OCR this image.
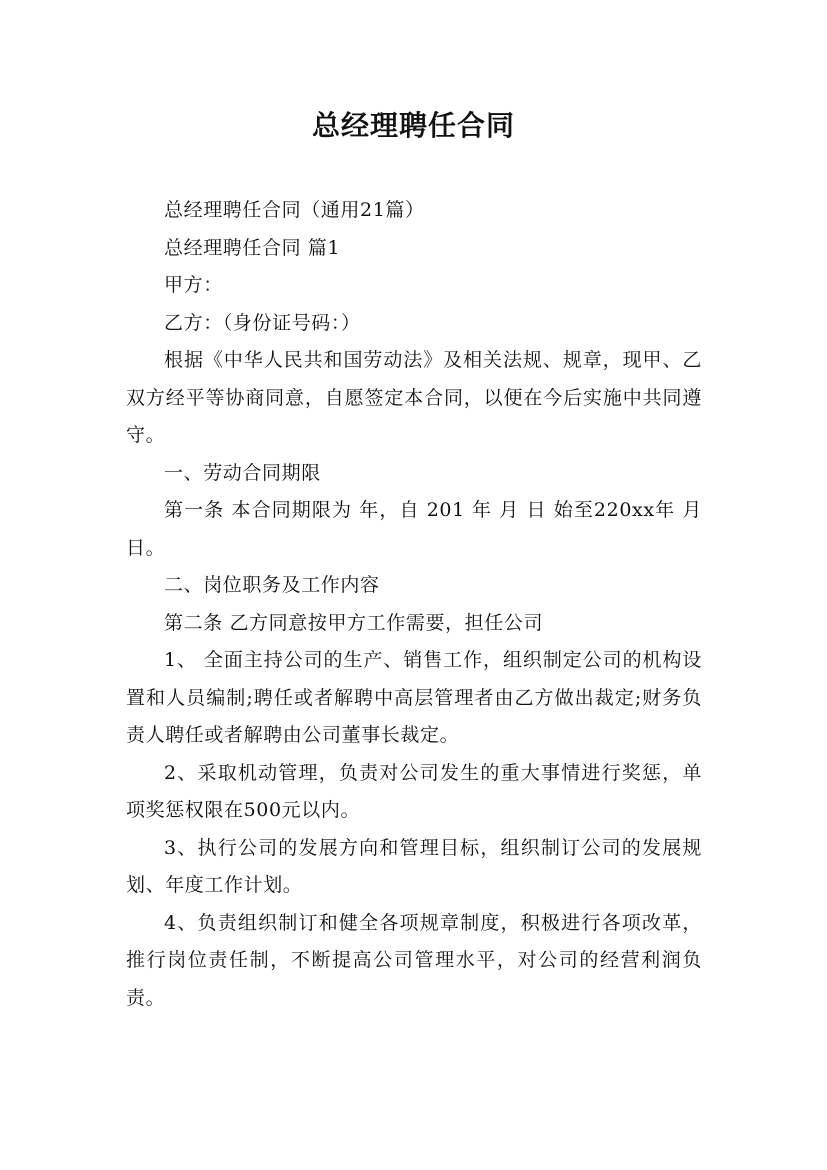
总经理聘任合同

总经理聘任合同（通用21篇）

总经理聘任合同 篇1

甲方：

乙方：（身份证号码：）

根据《中华人民共和国劳动法》及相关法规、规章，现甲、乙双方经平等协商同意，自愿签定本合同，以便在今后实施中共同遵守。

一、劳动合同期限

第一条 本合同期限为 年，自 201 年 月 日 始至220xx年 月 日。

二、岗位职务及工作内容

第二条 乙方同意按甲方工作需要，担任公司

1、 全面主持公司的生产、销售工作，组织制定公司的机构设置和人员编制;聘任或者解聘中高层管理者由乙方做出裁定;财务负责人聘任或者解聘由公司董事长裁定。

2、采取机动管理，负责对公司发生的重大事情进行奖惩，单项奖惩权限在500元以内。

3、执行公司的发展方向和管理目标，组织制订公司的发展规划、年度工作计划。

4、负责组织制订和健全各项规章制度，积极进行各项改革，推行岗位责任制，不断提高公司管理水平，对公司的经营利润负责。
